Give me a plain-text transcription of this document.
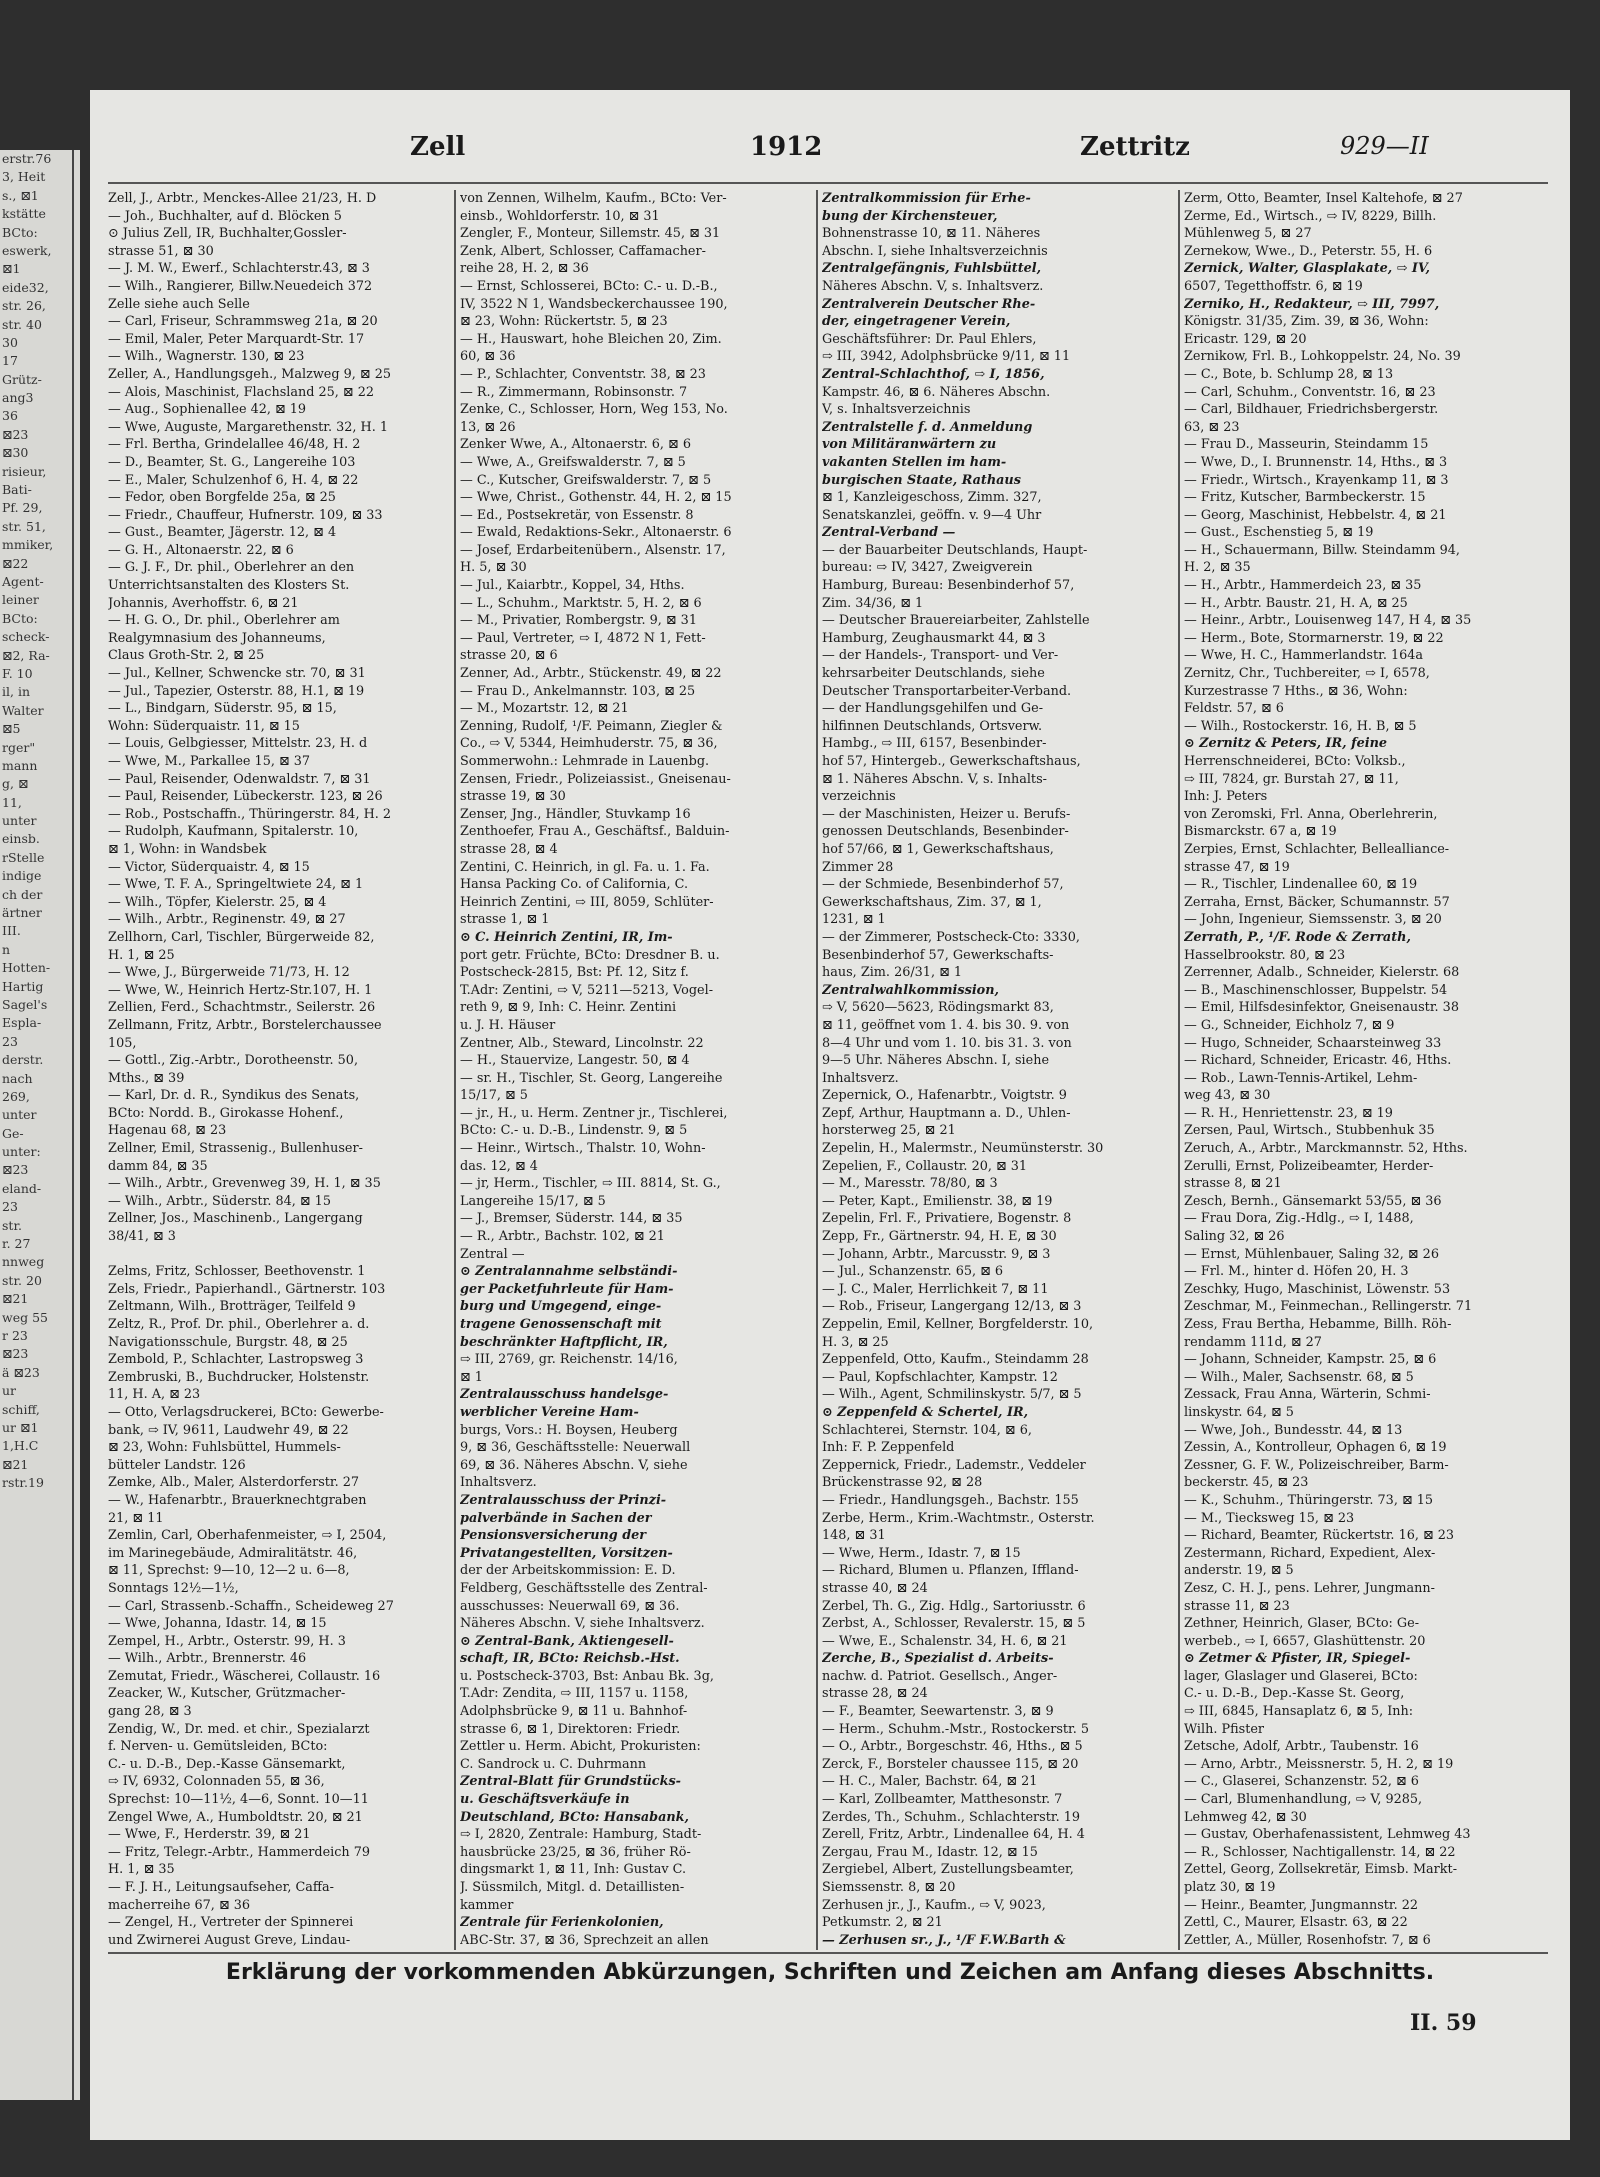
erstr.76
3, Heit
s., ⊠1
kstätte
BCto:
eswerk,
⊠1
eide32,
str. 26,
str. 40
30
17
Grütz-
ang3
36
⊠23
⊠30
risieur,
Bati-
Pf. 29,
str. 51,
mmiker,
⊠22
Agent-
leiner
BCto:
scheck-
⊠2, Ra-
F. 10
il, in
Walter
⊠5
rger"
mann
g, ⊠
11,
unter
einsb.
rStelle
indige
ch der
ärtner
III.
n
Hotten-
Hartig
Sagel's
Espla-
23
derstr.
nach
269,
unter
Ge-
unter:
⊠23
eland-
23
str.
r. 27
nnweg
str. 20
⊠21
weg 55
r 23
⊠23
ä ⊠23
ur
schiff,
ur ⊠1
1,H.C
⊠21
rstr.19
Zell	1912	Zettritz	929—II
Zell, J., Arbtr., Menckes-Allee 21/23, H. D
— Joh., Buchhalter, auf d. Blöcken 5
⊙ Julius Zell, IR, Buchhalter,Gossler-
strasse 51, ⊠ 30
— J. M. W., Ewerf., Schlachterstr.43, ⊠ 3
— Wilh., Rangierer, Billw.Neuedeich 372
Zelle siehe auch Selle
— Carl, Friseur, Schrammsweg 21a, ⊠ 20
— Emil, Maler, Peter Marquardt-Str. 17
— Wilh., Wagnerstr. 130, ⊠ 23
Zeller, A., Handlungsgeh., Malzweg 9, ⊠ 25
— Alois, Maschinist, Flachsland 25, ⊠ 22
— Aug., Sophienallee 42, ⊠ 19
— Wwe, Auguste, Margarethenstr. 32, H. 1
— Frl. Bertha, Grindelallee 46/48, H. 2
— D., Beamter, St. G., Langereihe 103
— E., Maler, Schulzenhof 6, H. 4, ⊠ 22
— Fedor, oben Borgfelde 25a, ⊠ 25
— Friedr., Chauffeur, Hufnerstr. 109, ⊠ 33
— Gust., Beamter, Jägerstr. 12, ⊠ 4
— G. H., Altonaerstr. 22, ⊠ 6
— G. J. F., Dr. phil., Oberlehrer an den
Unterrichtsanstalten des Klosters St.
Johannis, Averhoffstr. 6, ⊠ 21
— H. G. O., Dr. phil., Oberlehrer am
Realgymnasium des Johanneums,
Claus Groth-Str. 2, ⊠ 25
— Jul., Kellner, Schwencke str. 70, ⊠ 31
— Jul., Tapezier, Osterstr. 88, H.1, ⊠ 19
— L., Bindgarn, Süderstr. 95, ⊠ 15,
Wohn: Süderquaistr. 11, ⊠ 15
— Louis, Gelbgiesser, Mittelstr. 23, H. d
— Wwe, M., Parkallee 15, ⊠ 37
— Paul, Reisender, Odenwaldstr. 7, ⊠ 31
— Paul, Reisender, Lübeckerstr. 123, ⊠ 26
— Rob., Postschaffn., Thüringerstr. 84, H. 2
— Rudolph, Kaufmann, Spitalerstr. 10,
⊠ 1, Wohn: in Wandsbek
— Victor, Süderquaistr. 4, ⊠ 15
— Wwe, T. F. A., Springeltwiete 24, ⊠ 1
— Wilh., Töpfer, Kielerstr. 25, ⊠ 4
— Wilh., Arbtr., Reginenstr. 49, ⊠ 27
Zellhorn, Carl, Tischler, Bürgerweide 82,
H. 1, ⊠ 25
— Wwe, J., Bürgerweide 71/73, H. 12
— Wwe, W., Heinrich Hertz-Str.107, H. 1
Zellien, Ferd., Schachtmstr., Seilerstr. 26
Zellmann, Fritz, Arbtr., Borstelerchaussee
105,
— Gottl., Zig.-Arbtr., Dorotheenstr. 50,
Mths., ⊠ 39
— Karl, Dr. d. R., Syndikus des Senats,
BCto: Nordd. B., Girokasse Hohenf.,
Hagenau 68, ⊠ 23
Zellner, Emil, Strassenig., Bullenhuser-
damm 84, ⊠ 35
— Wilh., Arbtr., Grevenweg 39, H. 1, ⊠ 35
— Wilh., Arbtr., Süderstr. 84, ⊠ 15
Zellner, Jos., Maschinenb., Langergang
38/41, ⊠ 3
Zelms, Fritz, Schlosser, Beethovenstr. 1
Zels, Friedr., Papierhandl., Gärtnerstr. 103
Zeltmann, Wilh., Brotträger, Teilfeld 9
Zeltz, R., Prof. Dr. phil., Oberlehrer a. d.
Navigationsschule, Burgstr. 48, ⊠ 25
Zembold, P., Schlachter, Lastropsweg 3
Zembruski, B., Buchdrucker, Holstenstr.
11, H. A, ⊠ 23
— Otto, Verlagsdruckerei, BCto: Gewerbe-
bank, ⇨ IV, 9611, Laudwehr 49, ⊠ 22
⊠ 23, Wohn: Fuhlsbüttel, Hummels-
bütteler Landstr. 126
Zemke, Alb., Maler, Alsterdorferstr. 27
— W., Hafenarbtr., Brauerknechtgraben
21, ⊠ 11
Zemlin, Carl, Oberhafenmeister, ⇨ I, 2504,
im Marinegebäude, Admiralitätstr. 46,
⊠ 11, Sprechst: 9—10, 12—2 u. 6—8,
Sonntags 12½—1½,
— Carl, Strassenb.-Schaffn., Scheideweg 27
— Wwe, Johanna, Idastr. 14, ⊠ 15
Zempel, H., Arbtr., Osterstr. 99, H. 3
— Wilh., Arbtr., Brennerstr. 46
Zemutat, Friedr., Wäscherei, Collaustr. 16
Zeacker, W., Kutscher, Grützmacher-
gang 28, ⊠ 3
Zendig, W., Dr. med. et chir., Spezialarzt
f. Nerven- u. Gemütsleiden, BCto:
C.- u. D.-B., Dep.-Kasse Gänsemarkt,
⇨ IV, 6932, Colonnaden 55, ⊠ 36,
Sprechst: 10—11½, 4—6, Sonnt. 10—11
Zengel Wwe, A., Humboldtstr. 20, ⊠ 21
— Wwe, F., Herderstr. 39, ⊠ 21
— Fritz, Telegr.-Arbtr., Hammerdeich 79
H. 1, ⊠ 35
— F. J. H., Leitungsaufseher, Caffa-
macherreihe 67, ⊠ 36
— Zengel, H., Vertreter der Spinnerei
und Zwirnerei August Greve, Lindau-
von Zennen, Wilhelm, Kaufm., BCto: Ver-
einsb., Wohldorferstr. 10, ⊠ 31
Zengler, F., Monteur, Sillemstr. 45, ⊠ 31
Zenk, Albert, Schlosser, Caffamacher-
reihe 28, H. 2, ⊠ 36
— Ernst, Schlosserei, BCto: C.- u. D.-B.,
IV, 3522 N 1, Wandsbeckerchaussee 190,
⊠ 23, Wohn: Rückertstr. 5, ⊠ 23
— H., Hauswart, hohe Bleichen 20, Zim.
60, ⊠ 36
— P., Schlachter, Conventstr. 38, ⊠ 23
— R., Zimmermann, Robinsonstr. 7
Zenke, C., Schlosser, Horn, Weg 153, No.
13, ⊠ 26
Zenker Wwe, A., Altonaerstr. 6, ⊠ 6
— Wwe, A., Greifswalderstr. 7, ⊠ 5
— C., Kutscher, Greifswalderstr. 7, ⊠ 5
— Wwe, Christ., Gothenstr. 44, H. 2, ⊠ 15
— Ed., Postsekretär, von Essenstr. 8
— Ewald, Redaktions-Sekr., Altonaerstr. 6
— Josef, Erdarbeitenübern., Alsenstr. 17,
H. 5, ⊠ 30
— Jul., Kaiarbtr., Koppel, 34, Hths.
— L., Schuhm., Marktstr. 5, H. 2, ⊠ 6
— M., Privatier, Rombergstr. 9, ⊠ 31
— Paul, Vertreter, ⇨ I, 4872 N 1, Fett-
strasse 20, ⊠ 6
Zenner, Ad., Arbtr., Stückenstr. 49, ⊠ 22
— Frau D., Ankelmannstr. 103, ⊠ 25
— M., Mozartstr. 12, ⊠ 21
Zenning, Rudolf, ¹/F. Peimann, Ziegler &
Co., ⇨ V, 5344, Heimhuderstr. 75, ⊠ 36,
Sommerwohn.: Lehmrade in Lauenbg.
Zensen, Friedr., Polizeiassist., Gneisenau-
strasse 19, ⊠ 30
Zenser, Jng., Händler, Stuvkamp 16
Zenthoefer, Frau A., Geschäftsf., Balduin-
strasse 28, ⊠ 4
Zentini, C. Heinrich, in gl. Fa. u. 1. Fa.
Hansa Packing Co. of California, C.
Heinrich Zentini, ⇨ III, 8059, Schlüter-
strasse 1, ⊠ 1
⊙ C. Heinrich Zentini, IR, Im-
port getr. Früchte, BCto: Dresdner B. u.
Postscheck-2815, Bst: Pf. 12, Sitz f.
T.Adr: Zentini, ⇨ V, 5211—5213, Vogel-
reth 9, ⊠ 9, Inh: C. Heinr. Zentini
u. J. H. Häuser
Zentner, Alb., Steward, Lincolnstr. 22
— H., Stauervize, Langestr. 50, ⊠ 4
— sr. H., Tischler, St. Georg, Langereihe
15/17, ⊠ 5
— jr., H., u. Herm. Zentner jr., Tischlerei,
BCto: C.- u. D.-B., Lindenstr. 9, ⊠ 5
— Heinr., Wirtsch., Thalstr. 10, Wohn-
das. 12, ⊠ 4
— jr, Herm., Tischler, ⇨ III. 8814, St. G.,
Langereihe 15/17, ⊠ 5
— J., Bremser, Süderstr. 144, ⊠ 35
— R., Arbtr., Bachstr. 102, ⊠ 21
Zentral —
⊙ Zentralannahme selbständi-
ger Packetfuhrleute für Ham-
burg und Umgegend, einge-
tragene Genossenschaft mit
beschränkter Haftpflicht, IR,
⇨ III, 2769, gr. Reichenstr. 14/16,
⊠ 1
Zentralausschuss handelsge-
werblicher Vereine Ham-
burgs, Vors.: H. Boysen, Heuberg
9, ⊠ 36, Geschäftsstelle: Neuerwall
69, ⊠ 36. Näheres Abschn. V, siehe
Inhaltsverz.
Zentralausschuss der Prinzi-
palverbände in Sachen der
Pensionsversicherung der
Privatangestellten, Vorsitzen-
der der Arbeitskommission: E. D.
Feldberg, Geschäftsstelle des Zentral-
ausschusses: Neuerwall 69, ⊠ 36.
Näheres Abschn. V, siehe Inhaltsverz.
⊙ Zentral-Bank, Aktiengesell-
schaft, IR, BCto: Reichsb.-Hst.
u. Postscheck-3703, Bst: Anbau Bk. 3g,
T.Adr: Zendita, ⇨ III, 1157 u. 1158,
Adolphsbrücke 9, ⊠ 11 u. Bahnhof-
strasse 6, ⊠ 1, Direktoren: Friedr.
Zettler u. Herm. Abicht, Prokuristen:
C. Sandrock u. C. Duhrmann
Zentral-Blatt für Grundstücks-
u. Geschäftsverkäufe in
Deutschland, BCto: Hansabank,
⇨ I, 2820, Zentrale: Hamburg, Stadt-
hausbrücke 23/25, ⊠ 36, früher Rö-
dingsmarkt 1, ⊠ 11, Inh: Gustav C.
J. Süssmilch, Mitgl. d. Detaillisten-
kammer
Zentrale für Ferienkolonien,
ABC-Str. 37, ⊠ 36, Sprechzeit an allen
Zentralkommission für Erhe-
bung der Kirchensteuer,
Bohnenstrasse 10, ⊠ 11. Näheres
Abschn. I, siehe Inhaltsverzeichnis
Zentralgefängnis, Fuhlsbüttel,
Näheres Abschn. V, s. Inhaltsverz.
Zentralverein Deutscher Rhe-
der, eingetragener Verein,
Geschäftsführer: Dr. Paul Ehlers,
⇨ III, 3942, Adolphsbrücke 9/11, ⊠ 11
Zentral-Schlachthof, ⇨ I, 1856,
Kampstr. 46, ⊠ 6. Näheres Abschn.
V, s. Inhaltsverzeichnis
Zentralstelle f. d. Anmeldung
von Militäranwärtern zu
vakanten Stellen im ham-
burgischen Staate, Rathaus
⊠ 1, Kanzleigeschoss, Zimm. 327,
Senatskanzlei, geöffn. v. 9—4 Uhr
Zentral-Verband —
— der Bauarbeiter Deutschlands, Haupt-
bureau: ⇨ IV, 3427, Zweigverein
Hamburg, Bureau: Besenbinderhof 57,
Zim. 34/36, ⊠ 1
— Deutscher Brauereiarbeiter, Zahlstelle
Hamburg, Zeughausmarkt 44, ⊠ 3
— der Handels-, Transport- und Ver-
kehrsarbeiter Deutschlands, siehe
Deutscher Transportarbeiter-Verband.
— der Handlungsgehilfen und Ge-
hilfinnen Deutschlands, Ortsverw.
Hambg., ⇨ III, 6157, Besenbinder-
hof 57, Hintergeb., Gewerkschaftshaus,
⊠ 1. Näheres Abschn. V, s. Inhalts-
verzeichnis
— der Maschinisten, Heizer u. Berufs-
genossen Deutschlands, Besenbinder-
hof 57/66, ⊠ 1, Gewerkschaftshaus,
Zimmer 28
— der Schmiede, Besenbinderhof 57,
Gewerkschaftshaus, Zim. 37, ⊠ 1,
1231, ⊠ 1
— der Zimmerer, Postscheck-Cto: 3330,
Besenbinderhof 57, Gewerkschafts-
haus, Zim. 26/31, ⊠ 1
Zentralwahlkommission,
⇨ V, 5620—5623, Rödingsmarkt 83,
⊠ 11, geöffnet vom 1. 4. bis 30. 9. von
8—4 Uhr und vom 1. 10. bis 31. 3. von
9—5 Uhr. Näheres Abschn. I, siehe
Inhaltsverz.
Zepernick, O., Hafenarbtr., Voigtstr. 9
Zepf, Arthur, Hauptmann a. D., Uhlen-
horsterweg 25, ⊠ 21
Zepelin, H., Malermstr., Neumünsterstr. 30
Zepelien, F., Collaustr. 20, ⊠ 31
— M., Maresstr. 78/80, ⊠ 3
— Peter, Kapt., Emilienstr. 38, ⊠ 19
Zepelin, Frl. F., Privatiere, Bogenstr. 8
Zepp, Fr., Gärtnerstr. 94, H. E, ⊠ 30
— Johann, Arbtr., Marcusstr. 9, ⊠ 3
— Jul., Schanzenstr. 65, ⊠ 6
— J. C., Maler, Herrlichkeit 7, ⊠ 11
— Rob., Friseur, Langergang 12/13, ⊠ 3
Zeppelin, Emil, Kellner, Borgfelderstr. 10,
H. 3, ⊠ 25
Zeppenfeld, Otto, Kaufm., Steindamm 28
— Paul, Kopfschlachter, Kampstr. 12
— Wilh., Agent, Schmilinskystr. 5/7, ⊠ 5
⊙ Zeppenfeld & Schertel, IR,
Schlachterei, Sternstr. 104, ⊠ 6,
Inh: F. P. Zeppenfeld
Zeppernick, Friedr., Lademstr., Veddeler
Brückenstrasse 92, ⊠ 28
— Friedr., Handlungsgeh., Bachstr. 155
Zerbe, Herm., Krim.-Wachtmstr., Osterstr.
148, ⊠ 31
— Wwe, Herm., Idastr. 7, ⊠ 15
— Richard, Blumen u. Pflanzen, Iffland-
strasse 40, ⊠ 24
Zerbel, Th. G., Zig. Hdlg., Sartoriusstr. 6
Zerbst, A., Schlosser, Revalerstr. 15, ⊠ 5
— Wwe, E., Schalenstr. 34, H. 6, ⊠ 21
Zerche, B., Spezialist d. Arbeits-
nachw. d. Patriot. Gesellsch., Anger-
strasse 28, ⊠ 24
— F., Beamter, Seewartenstr. 3, ⊠ 9
— Herm., Schuhm.-Mstr., Rostockerstr. 5
— O., Arbtr., Borgeschstr. 46, Hths., ⊠ 5
Zerck, F., Borsteler chaussee 115, ⊠ 20
— H. C., Maler, Bachstr. 64, ⊠ 21
— Karl, Zollbeamter, Matthesonstr. 7
Zerdes, Th., Schuhm., Schlachterstr. 19
Zerell, Fritz, Arbtr., Lindenallee 64, H. 4
Zergau, Frau M., Idastr. 12, ⊠ 15
Zergiebel, Albert, Zustellungsbeamter,
Siemssenstr. 8, ⊠ 20
Zerhusen jr., J., Kaufm., ⇨ V, 9023,
Petkumstr. 2, ⊠ 21
— Zerhusen sr., J., ¹/F F.W.Barth &
Zerm, Otto, Beamter, Insel Kaltehofe, ⊠ 27
Zerme, Ed., Wirtsch., ⇨ IV, 8229, Billh.
Mühlenweg 5, ⊠ 27
Zernekow, Wwe., D., Peterstr. 55, H. 6
Zernick, Walter, Glasplakate, ⇨ IV,
6507, Tegetthoffstr. 6, ⊠ 19
Zerniko, H., Redakteur, ⇨ III, 7997,
Königstr. 31/35, Zim. 39, ⊠ 36, Wohn:
Ericastr. 129, ⊠ 20
Zernikow, Frl. B., Lohkoppelstr. 24, No. 39
— C., Bote, b. Schlump 28, ⊠ 13
— Carl, Schuhm., Conventstr. 16, ⊠ 23
— Carl, Bildhauer, Friedrichsbergerstr.
63, ⊠ 23
— Frau D., Masseurin, Steindamm 15
— Wwe, D., I. Brunnenstr. 14, Hths., ⊠ 3
— Friedr., Wirtsch., Krayenkamp 11, ⊠ 3
— Fritz, Kutscher, Barmbeckerstr. 15
— Georg, Maschinist, Hebbelstr. 4, ⊠ 21
— Gust., Eschenstieg 5, ⊠ 19
— H., Schauermann, Billw. Steindamm 94,
H. 2, ⊠ 35
— H., Arbtr., Hammerdeich 23, ⊠ 35
— H., Arbtr. Baustr. 21, H. A, ⊠ 25
— Heinr., Arbtr., Louisenweg 147, H 4, ⊠ 35
— Herm., Bote, Stormarnerstr. 19, ⊠ 22
— Wwe, H. C., Hammerlandstr. 164a
Zernitz, Chr., Tuchbereiter, ⇨ I, 6578,
Kurzestrasse 7 Hths., ⊠ 36, Wohn:
Feldstr. 57, ⊠ 6
— Wilh., Rostockerstr. 16, H. B, ⊠ 5
⊙ Zernitz & Peters, IR, feine
Herrenschneiderei, BCto: Volksb.,
⇨ III, 7824, gr. Burstah 27, ⊠ 11,
Inh: J. Peters
von Zeromski, Frl. Anna, Oberlehrerin,
Bismarckstr. 67 a, ⊠ 19
Zerpies, Ernst, Schlachter, Bellealliance-
strasse 47, ⊠ 19
— R., Tischler, Lindenallee 60, ⊠ 19
Zerraha, Ernst, Bäcker, Schumannstr. 57
— John, Ingenieur, Siemssenstr. 3, ⊠ 20
Zerrath, P., ¹/F. Rode & Zerrath,
Hasselbrookstr. 80, ⊠ 23
Zerrenner, Adalb., Schneider, Kielerstr. 68
— B., Maschinenschlosser, Buppelstr. 54
— Emil, Hilfsdesinfektor, Gneisenaustr. 38
— G., Schneider, Eichholz 7, ⊠ 9
— Hugo, Schneider, Schaarsteinweg 33
— Richard, Schneider, Ericastr. 46, Hths.
— Rob., Lawn-Tennis-Artikel, Lehm-
weg 43, ⊠ 30
— R. H., Henriettenstr. 23, ⊠ 19
Zersen, Paul, Wirtsch., Stubbenhuk 35
Zeruch, A., Arbtr., Marckmannstr. 52, Hths.
Zerulli, Ernst, Polizeibeamter, Herder-
strasse 8, ⊠ 21
Zesch, Bernh., Gänsemarkt 53/55, ⊠ 36
— Frau Dora, Zig.-Hdlg., ⇨ I, 1488,
Saling 32, ⊠ 26
— Ernst, Mühlenbauer, Saling 32, ⊠ 26
— Frl. M., hinter d. Höfen 20, H. 3
Zeschky, Hugo, Maschinist, Löwenstr. 53
Zeschmar, M., Feinmechan., Rellingerstr. 71
Zess, Frau Bertha, Hebamme, Billh. Röh-
rendamm 111d, ⊠ 27
— Johann, Schneider, Kampstr. 25, ⊠ 6
— Wilh., Maler, Sachsenstr. 68, ⊠ 5
Zessack, Frau Anna, Wärterin, Schmi-
linskystr. 64, ⊠ 5
— Wwe, Joh., Bundesstr. 44, ⊠ 13
Zessin, A., Kontrolleur, Ophagen 6, ⊠ 19
Zessner, G. F. W., Polizeischreiber, Barm-
beckerstr. 45, ⊠ 23
— K., Schuhm., Thüringerstr. 73, ⊠ 15
— M., Tiecksweg 15, ⊠ 23
— Richard, Beamter, Rückertstr. 16, ⊠ 23
Zestermann, Richard, Expedient, Alex-
anderstr. 19, ⊠ 5
Zesz, C. H. J., pens. Lehrer, Jungmann-
strasse 11, ⊠ 23
Zethner, Heinrich, Glaser, BCto: Ge-
werbeb., ⇨ I, 6657, Glashüttenstr. 20
⊙ Zetmer & Pfister, IR, Spiegel-
lager, Glaslager und Glaserei, BCto:
C.- u. D.-B., Dep.-Kasse St. Georg,
⇨ III, 6845, Hansaplatz 6, ⊠ 5, Inh:
Wilh. Pfister
Zetsche, Adolf, Arbtr., Taubenstr. 16
— Arno, Arbtr., Meissnerstr. 5, H. 2, ⊠ 19
— C., Glaserei, Schanzenstr. 52, ⊠ 6
— Carl, Blumenhandlung, ⇨ V, 9285,
Lehmweg 42, ⊠ 30
— Gustav, Oberhafenassistent, Lehmweg 43
— R., Schlosser, Nachtigallenstr. 14, ⊠ 22
Zettel, Georg, Zollsekretär, Eimsb. Markt-
platz 30, ⊠ 19
— Heinr., Beamter, Jungmannstr. 22
Zettl, C., Maurer, Elsastr. 63, ⊠ 22
Zettler, A., Müller, Rosenhofstr. 7, ⊠ 6
Erklärung der vorkommenden Abkürzungen, Schriften und Zeichen am Anfang dieses Abschnitts.
II. 59
